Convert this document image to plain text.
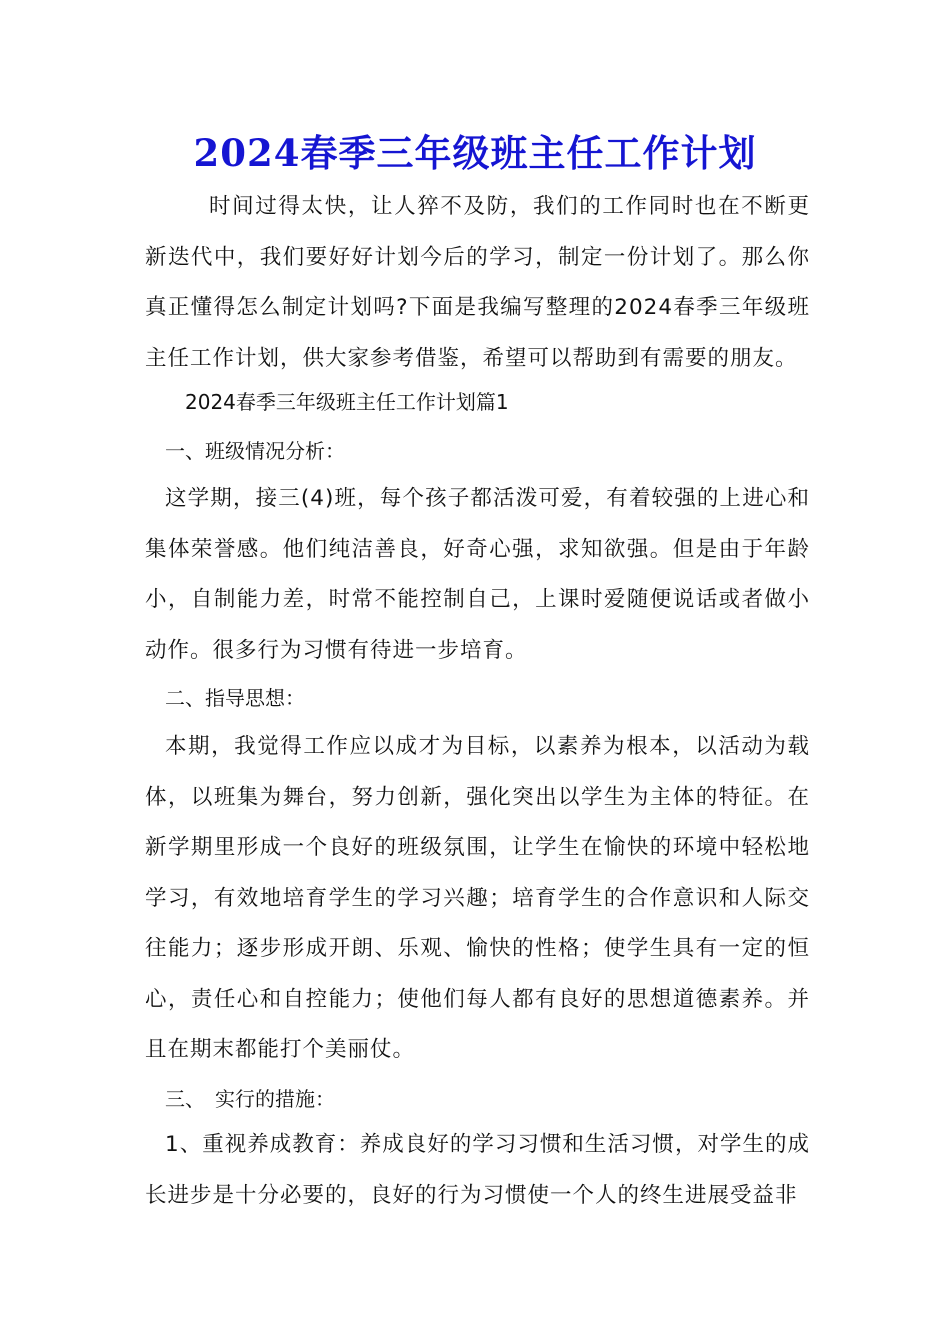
2024春季三年级班主任工作计划

时间过得太快，让人猝不及防，我们的工作同时也在不断更新迭代中，我们要好好计划今后的学习，制定一份计划了。那么你真正懂得怎么制定计划吗?下面是我编写整理的2024春季三年级班主任工作计划，供大家参考借鉴，希望可以帮助到有需要的朋友。

2024春季三年级班主任工作计划篇1
一、班级情况分析：

这学期，接三(4)班，每个孩子都活泼可爱，有着较强的上进心和集体荣誉感。他们纯洁善良，好奇心强，求知欲强。但是由于年龄小，自制能力差，时常不能控制自己，上课时爱随便说话或者做小动作。很多行为习惯有待进一步培育。

二、指导思想：

本期，我觉得工作应以成才为目标，以素养为根本，以活动为载体，以班集为舞台，努力创新，强化突出以学生为主体的特征。在新学期里形成一个良好的班级氛围，让学生在愉快的环境中轻松地学习，有效地培育学生的学习兴趣；培育学生的合作意识和人际交往能力；逐步形成开朗、乐观、愉快的性格；使学生具有一定的恒心，责任心和自控能力；使他们每人都有良好的思想道德素养。并且在期末都能打个美丽仗。

三、　实行的措施：

1、重视养成教育：养成良好的学习习惯和生活习惯，对学生的成长进步是十分必要的，良好的行为习惯使一个人的终生进展受益非
